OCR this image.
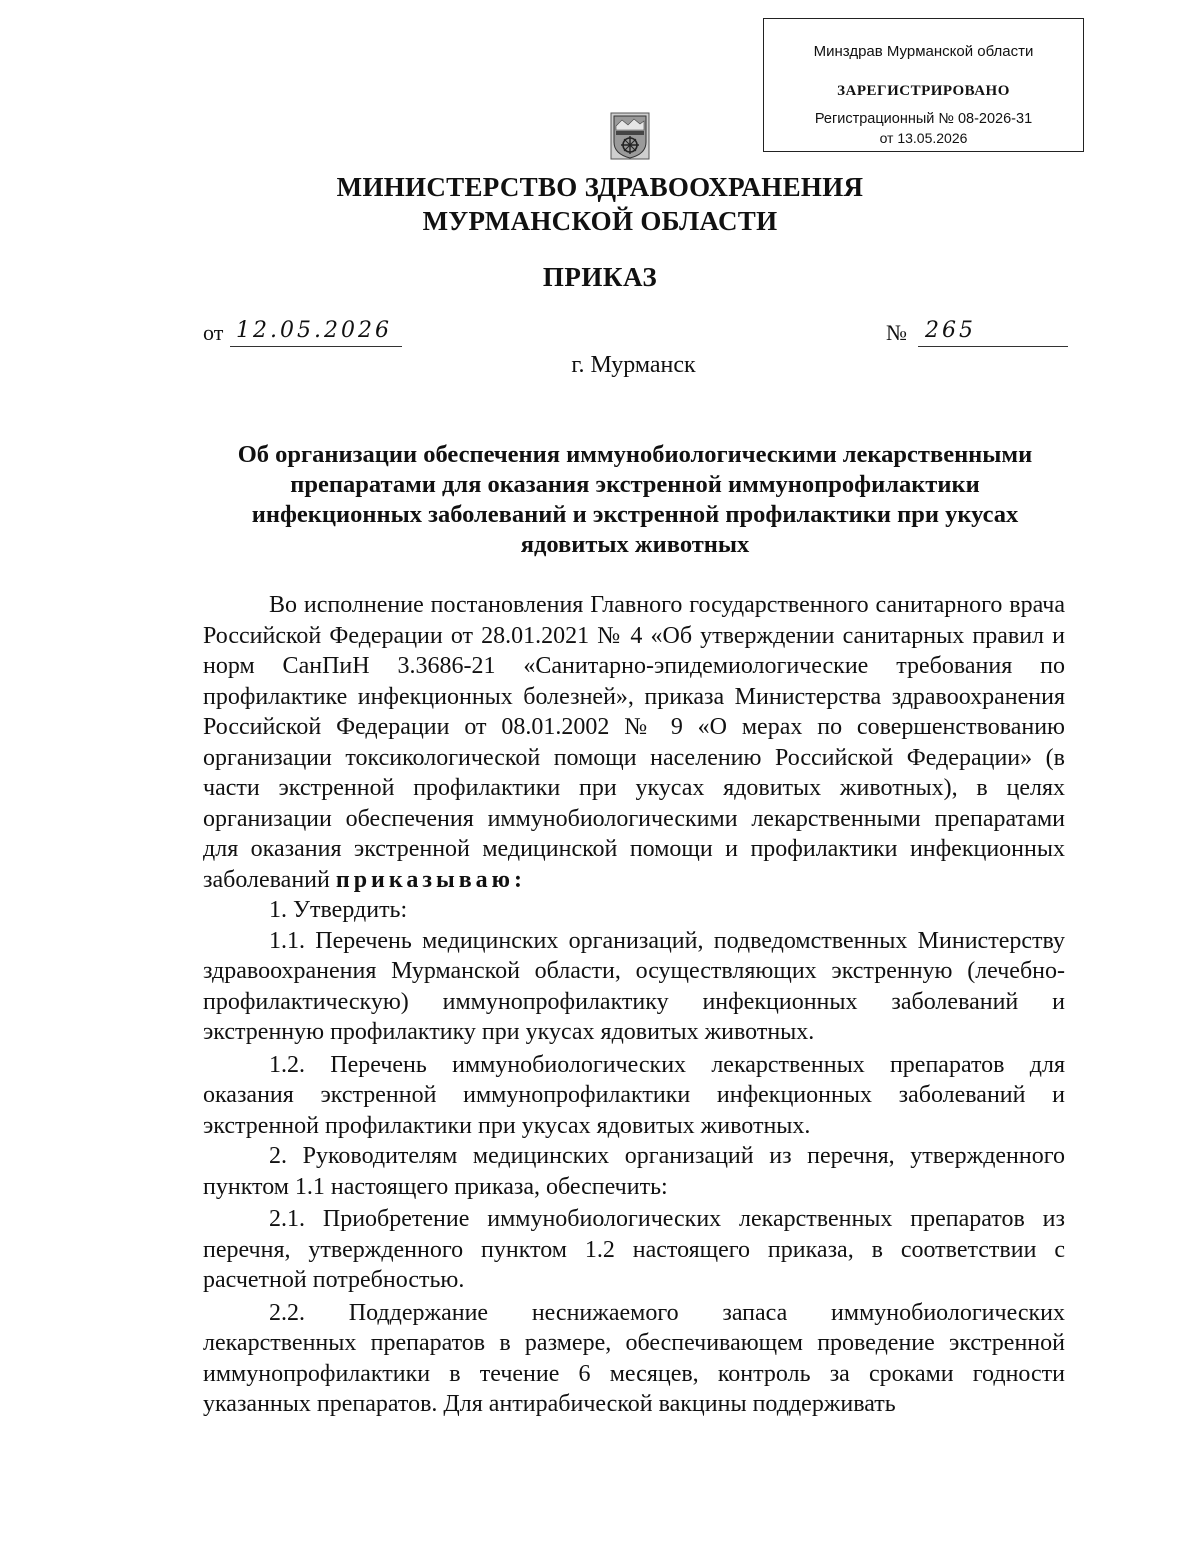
Минздрав Мурманской области
ЗАРЕГИСТРИРОВАНО
Регистрационный № 08-2026-31
от 13.05.2026
МИНИСТЕРСТВО ЗДРАВООХРАНЕНИЯ
МУРМАНСКОЙ ОБЛАСТИ
ПРИКАЗ
от 12.05.2026	№ 265
г. Мурманск
Об организации обеспечения иммунобиологическими лекарственными
препаратами для оказания экстренной иммунопрофилактики
инфекционных заболеваний и экстренной профилактики при укусах
ядовитых животных

Во исполнение постановления Главного государственного санитарного врача Российской Федерации от 28.01.2021 № 4 «Об утверждении санитарных правил и норм СанПиН 3.3686-21 «Санитарно-эпидемиологические требования по профилактике инфекционных болезней», приказа Министерства здравоохранения Российской Федерации от 08.01.2002 № 9 «О мерах по совершенствованию организации токсикологической помощи населению Российской Федерации» (в части экстренной профилактики при укусах ядовитых животных), в целях организации обеспечения иммунобиологическими лекарственными препаратами для оказания экстренной медицинской помощи и профилактики инфекционных заболеваний приказываю:

1. Утвердить:

1.1. Перечень медицинских организаций, подведомственных Министерству здравоохранения Мурманской области, осуществляющих экстренную (лечебно-профилактическую) иммунопрофилактику инфекционных заболеваний и экстренную профилактику при укусах ядовитых животных.

1.2. Перечень иммунобиологических лекарственных препаратов для оказания экстренной иммунопрофилактики инфекционных заболеваний и экстренной профилактики при укусах ядовитых животных.

2. Руководителям медицинских организаций из перечня, утвержденного пунктом 1.1 настоящего приказа, обеспечить:

2.1. Приобретение иммунобиологических лекарственных препаратов из перечня, утвержденного пунктом 1.2 настоящего приказа, в соответствии с расчетной потребностью.

2.2. Поддержание неснижаемого запаса иммунобиологических лекарственных препаратов в размере, обеспечивающем проведение экстренной иммунопрофилактики в течение 6 месяцев, контроль за сроками годности указанных препаратов. Для антирабической вакцины поддерживать
